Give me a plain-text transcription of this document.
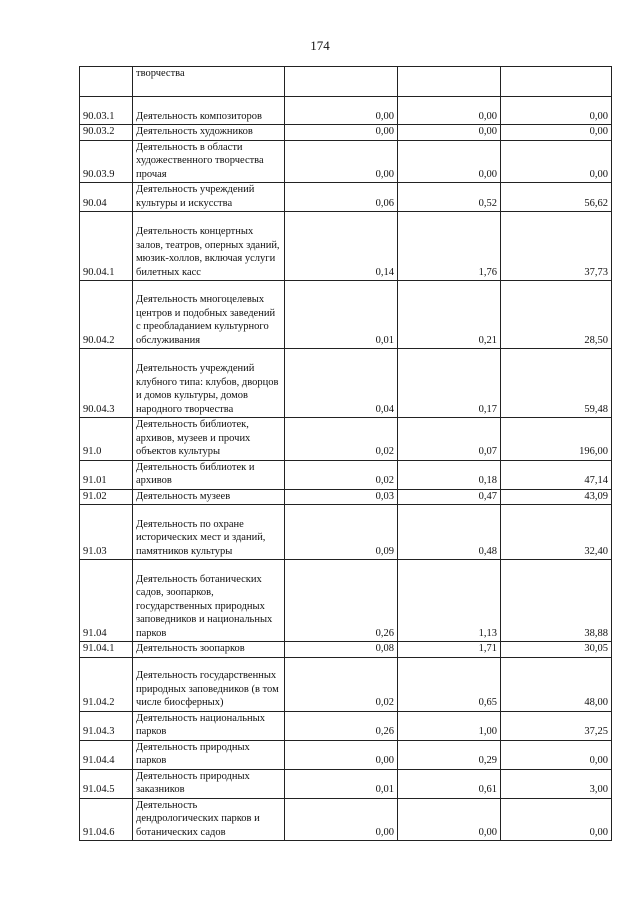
174
	творчества			
90.03.1	Деятельность композиторов	0,00	0,00	0,00
90.03.2	Деятельность художников	0,00	0,00	0,00
90.03.9	Деятельность в области художественного творчества прочая	0,00	0,00	0,00
90.04	Деятельность учреждений культуры и искусства	0,06	0,52	56,62
90.04.1	Деятельность концертных залов, театров, оперных зданий, мюзик-холлов, включая услуги билетных касс	0,14	1,76	37,73
90.04.2	Деятельность многоцелевых центров и подобных заведений с преобладанием культурного обслуживания	0,01	0,21	28,50
90.04.3	Деятельность учреждений клубного типа: клубов, дворцов и домов культуры, домов народного творчества	0,04	0,17	59,48
91.0	Деятельность библиотек, архивов, музеев и прочих объектов культуры	0,02	0,07	196,00
91.01	Деятельность библиотек и архивов	0,02	0,18	47,14
91.02	Деятельность музеев	0,03	0,47	43,09
91.03	Деятельность по охране исторических мест и зданий, памятников культуры	0,09	0,48	32,40
91.04	Деятельность ботанических садов, зоопарков, государственных природных заповедников и национальных парков	0,26	1,13	38,88
91.04.1	Деятельность зоопарков	0,08	1,71	30,05
91.04.2	Деятельность государственных природных заповедников (в том числе биосферных)	0,02	0,65	48,00
91.04.3	Деятельность национальных парков	0,26	1,00	37,25
91.04.4	Деятельность природных парков	0,00	0,29	0,00
91.04.5	Деятельность природных заказников	0,01	0,61	3,00
91.04.6	Деятельность дендрологических парков и ботанических садов	0,00	0,00	0,00
